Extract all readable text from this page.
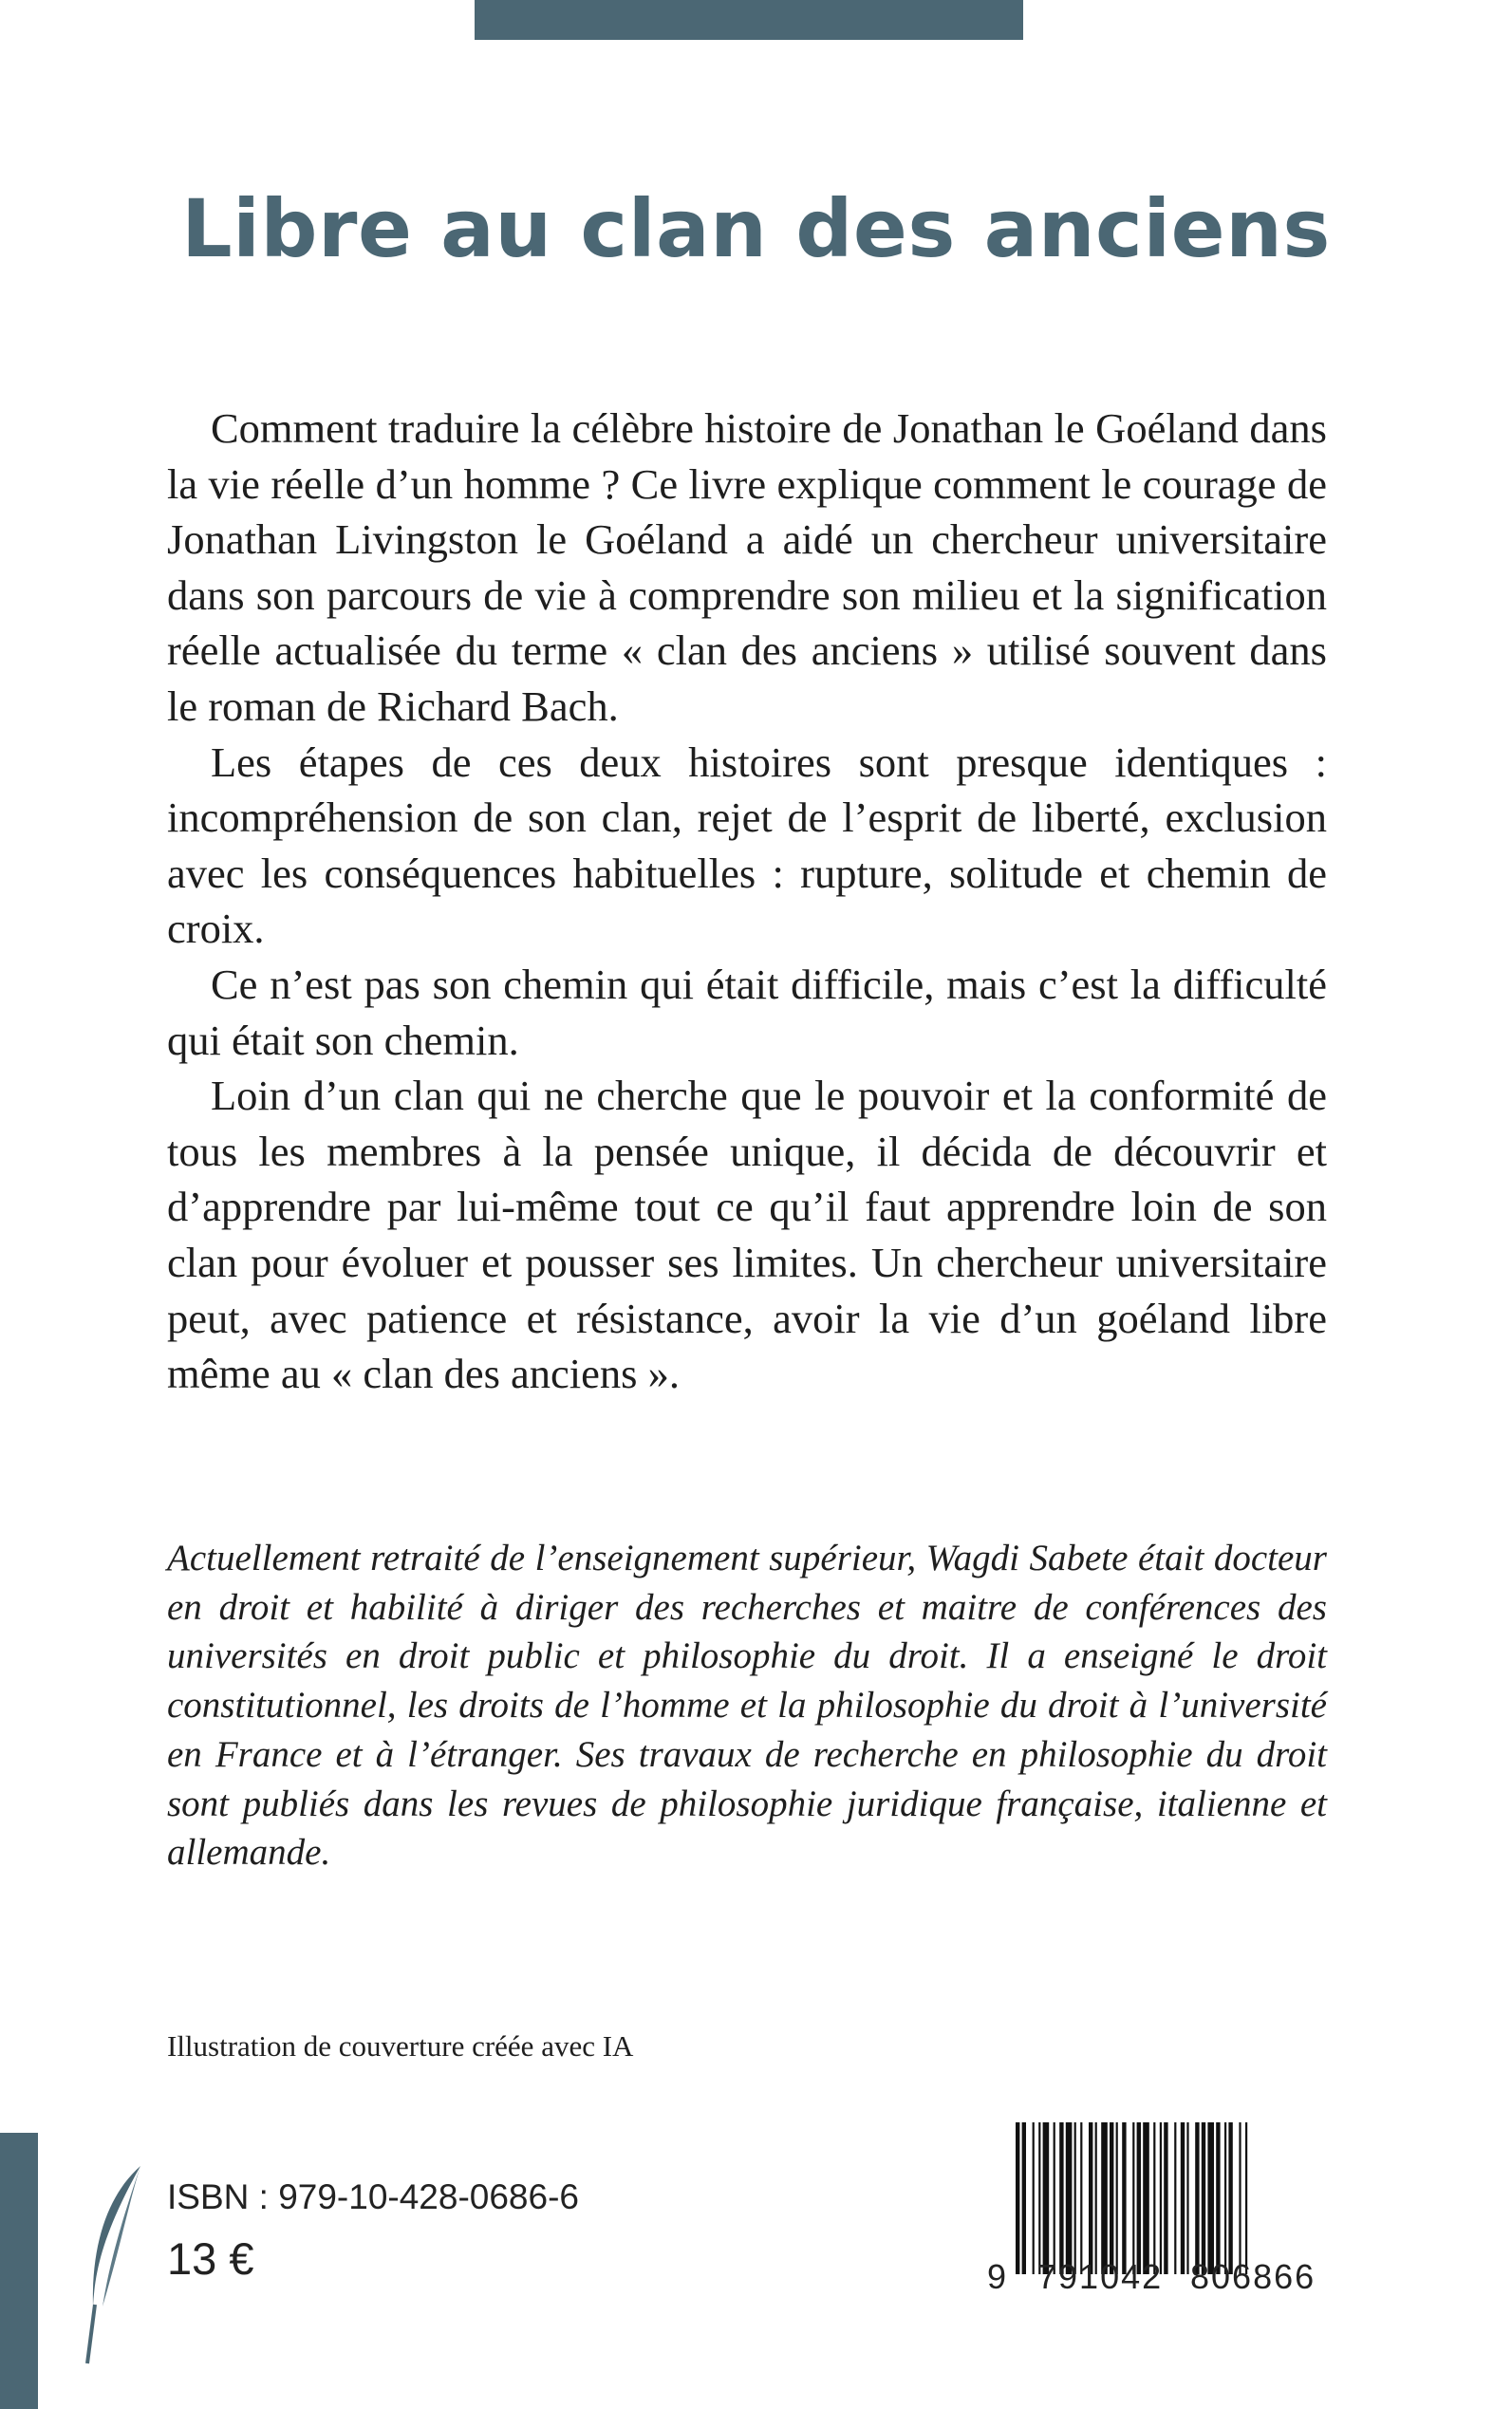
Libre au clan des anciens

Comment traduire la célèbre histoire de Jonathan le Goéland dans la vie réelle d’un homme ? Ce livre explique comment le courage de Jonathan Livingston le Goéland a aidé un chercheur universitaire dans son parcours de vie à comprendre son milieu et la signification réelle actualisée du terme « clan des anciens » utilisé souvent dans le roman de Richard Bach.

Les étapes de ces deux histoires sont presque identiques : incompréhension de son clan, rejet de l’esprit de liberté, exclusion avec les conséquences habituelles : rupture, solitude et chemin de croix.

Ce n’est pas son chemin qui était difficile, mais c’est la difficulté qui était son chemin.

Loin d’un clan qui ne cherche que le pouvoir et la conformité de tous les membres à la pensée unique, il décida de découvrir et d’apprendre par lui-même tout ce qu’il faut apprendre loin de son clan pour évoluer et pousser ses limites. Un chercheur universitaire peut, avec patience et résistance, avoir la vie d’un goéland libre même au « clan des anciens ».

Actuellement retraité de l’enseignement supérieur, Wagdi Sabete était docteur en droit et habilité à diriger des recherches et maitre de conférences des universités en droit public et philosophie du droit. Il a enseigné le droit constitutionnel, les droits de l’homme et la philosophie du droit à l’université en France et à l’étranger. Ses travaux de recherche en philosophie du droit sont publiés dans les revues de philosophie juridique française, italienne et allemande.

Illustration de couverture créée avec IA

ISBN : 979-10-428-0686-6

13 €	9 791042 806866
